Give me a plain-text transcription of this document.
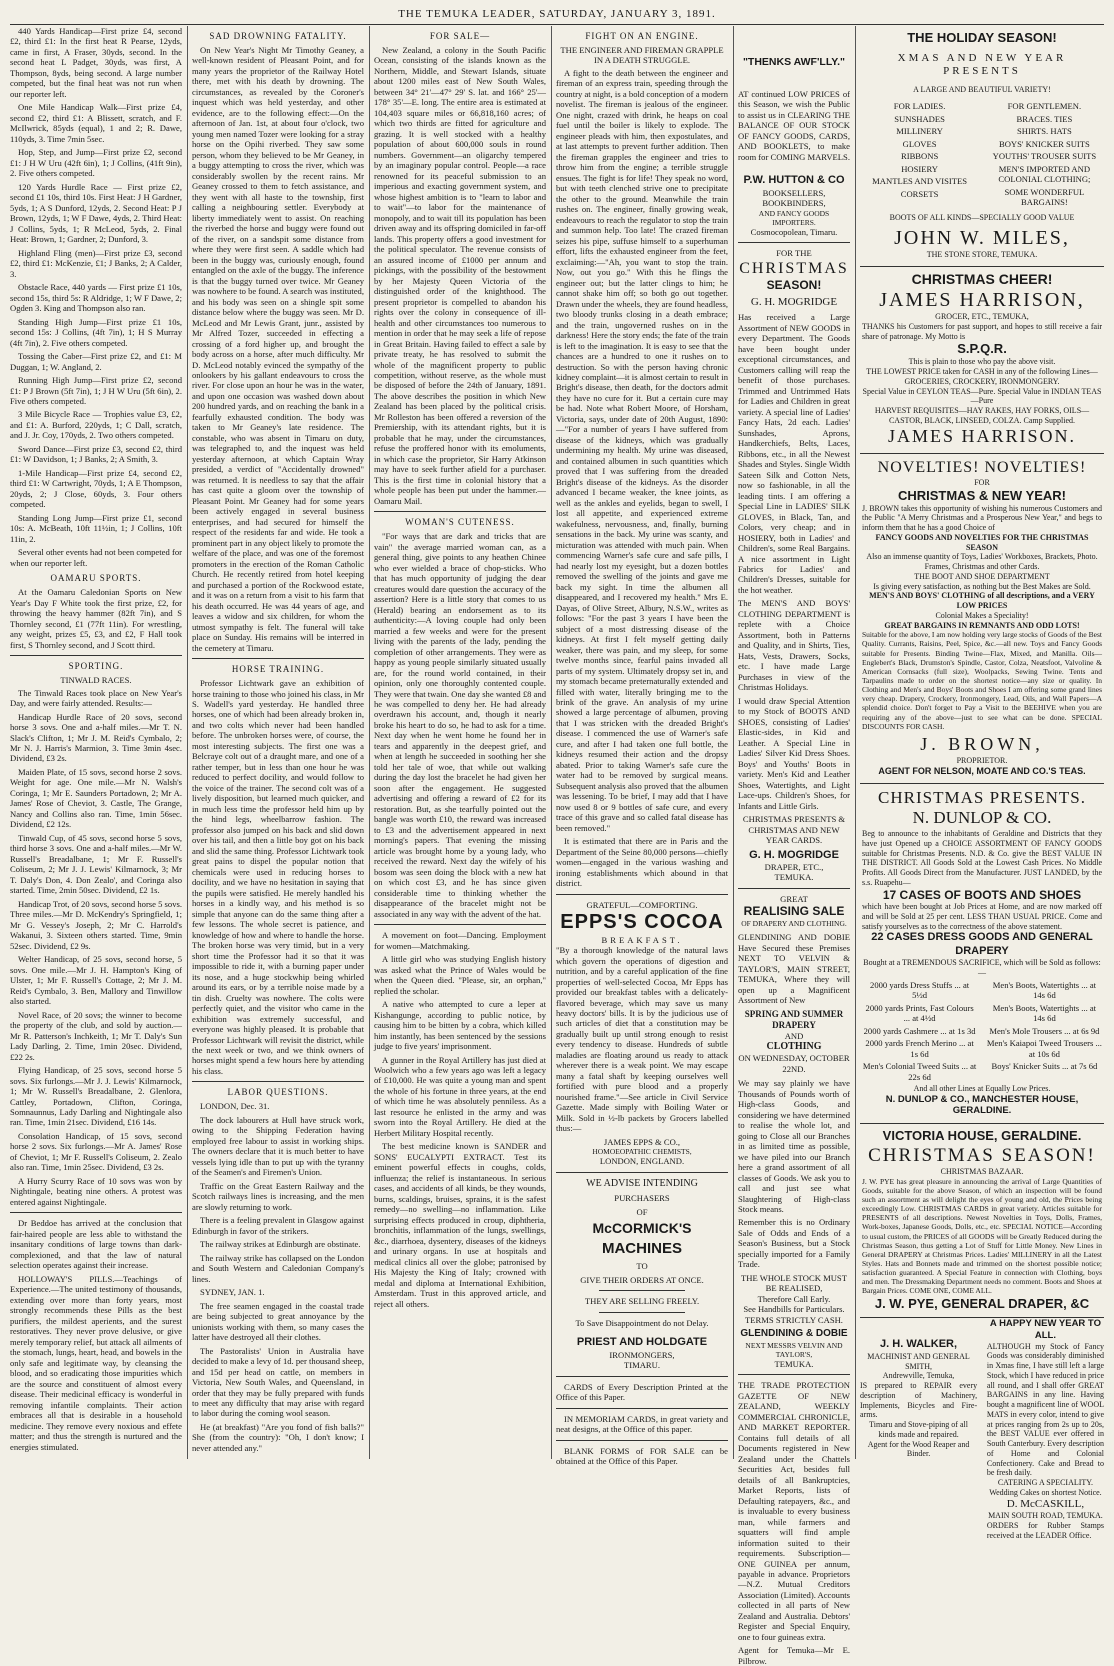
THE TEMUKA LEADER, SATURDAY, JANUARY 3, 1891.

440 Yards Handicap—First prize £4, second £2, third £1: In the first heat R Pearse, 12yds, came in first, A Fraser, 30yds, second. In the second heat L Padget, 30yds, was first, A Thompson, 8yds, being second. A large number competed, but the final heat was not run when our reporter left.

One Mile Handicap Walk—First prize £4, second £2, third £1: A Blissett, scratch, and F. McIlwrick, 85yds (equal), 1 and 2; R. Dawe, 110yds, 3. Time 7min 5sec.

Hop, Step, and Jump—First prize £2, second £1: J H W Uru (42ft 6in), 1; J Collins, (41ft 9in), 2. Five others competed.

120 Yards Hurdle Race — First prize £2, second £1 10s, third 10s. First Heat: J H Gardner, 5yds, 1; A S Dunford, 12yds, 2. Second Heat: P J Brown, 12yds, 1; W F Dawe, 4yds, 2. Third Heat: J Collins, 5yds, 1; R McLeod, 5yds, 2. Final Heat: Brown, 1; Gardner, 2; Dunford, 3.

Highland Fling (men)—First prize £3, second £2, third £1: McKenzie, £1; J Banks, 2; A Calder, 3.

Obstacle Race, 440 yards — First prize £1 10s, second 15s, third 5s: R Aldridge, 1; W F Dawe, 2; Ogden 3. King and Thompson also ran.

Standing High Jump—First prize £1 10s, second 15s: J Collins, (4ft 7in), 1; H S Murray (4ft 7in), 2. Five others competed.

Tossing the Caber—First prize £2, and £1: M Duggan, 1; W. Angland, 2.

Running High Jump—First prize £2, second £1: P J Brown (5ft 7in), 1; J H W Uru (5ft 6in), 2. Five others competed.

3 Mile Bicycle Race — Trophies value £3, £2, and £1: A. Burford, 220yds, 1; C Dall, scratch, and J. Jr. Coy, 170yds, 2. Two others competed.

Sword Dance—First prize £3, second £2, third £1: W Davidson, 1; J Banks, 2; A Smith, 3.

1-Mile Handicap—First prize £4, second £2, third £1: W Cartwright, 70yds, 1; A E Thompson, 20yds, 2; J Close, 60yds, 3. Four others competed.

Standing Long Jump—First prize £1, second 10s: A. McBeath, 10ft 11½in, 1; J Collins, 10ft 11in, 2.

Several other events had not been competed for when our reporter left.

OAMARU SPORTS.

At the Oamaru Caledonian Sports on New Year's Day F White took the first prize, £2, for throwing the heavy hammer (82ft 7in), and S Thornley second, £1 (77ft 11in). For wrestling, any weight, prizes £5, £3, and £2, F Hall took first, S Thornley second, and J Scott third.

SPORTING.
TINWALD RACES.

The Tinwald Races took place on New Year's Day, and were fairly attended. Results:—

Handicap Hurdle Race of 20 sovs, second horse 3 sovs. One and a-half miles.—Mr T. N. Slack's Clifton, 1; Mr J. M. Reid's Cymbalo, 2; Mr N. J. Harris's Marmion, 3. Time 3min 4sec. Dividend, £3 2s.

Maiden Plate, of 15 sovs, second horse 2 sovs. Weight for age. One mile.—Mr N. Walsh's Coringa, 1; Mr E. Saunders Portadown, 2; Mr A. James' Rose of Cheviot, 3. Castle, The Grange, Nancy and Collins also ran. Time, 1min 56sec. Dividend, £2 12s.

Tinwald Cup, of 45 sovs, second horse 5 sovs, third horse 3 sovs. One and a-half miles.—Mr W. Russell's Breadalbane, 1; Mr F. Russell's Coliseum, 2; Mr J. J. Lewis' Kilmarnock, 3; Mr T. Daly's Don, 4. Don Zealo', and Coringa also started. Time, 2min 50sec. Dividend, £2 1s.

Handicap Trot, of 20 sovs, second horse 5 sovs. Three miles.—Mr D. McKendry's Springfield, 1; Mr G. Vessey's Joseph, 2; Mr C. Harrold's Wakanui, 3. Sixteen others started. Time, 9min 52sec. Dividend, £2 9s.

Welter Handicap, of 25 sovs, second horse, 5 sovs. One mile.—Mr J. H. Hampton's King of Ulster, 1; Mr F. Russell's Cottage, 2; Mr J. M. Reid's Cymbalo, 3. Ben, Mallory and Tinwillow also started.

Novel Race, of 20 sovs; the winner to become the property of the club, and sold by auction.—Mr R. Patterson's Inchkeith, 1; Mr T. Daly's Sun Lady Darling, 2. Time, 1min 20sec. Dividend, £22 2s.

Flying Handicap, of 25 sovs, second horse 5 sovs. Six furlongs.—Mr J. J. Lewis' Kilmarnock, 1; Mr W. Russell's Breadalbane, 2. Glenlora, Cattley, Portadown, Clifton, Coringa, Somnaunnus, Lady Darling and Nightingale also ran. Time, 1min 21sec. Dividend, £16 14s.

Consolation Handicap, of 15 sovs, second horse 2 sovs. Six furlongs.—Mr A. James' Rose of Cheviot, 1; Mr F. Russell's Coliseum, 2. Zealo also ran. Time, 1min 25sec. Dividend, £3 2s.

A Hurry Scurry Race of 10 sovs was won by Nightingale, beating nine others. A protest was entered against Nightingale.

Dr Beddoe has arrived at the conclusion that fair-haired people are less able to withstand the insanitary conditions of large towns than dark-complexioned, and that the law of natural selection operates against their increase.

HOLLOWAY'S PILLS.—Teachings of Experience.—The united testimony of thousands, extending over more than forty years, most strongly recommends these Pills as the best purifiers, the mildest aperients, and the surest restoratives. They never prove delusive, or give merely temporary relief, but attack all ailments of the stomach, lungs, heart, head, and bowels in the only safe and legitimate way, by cleansing the blood, and so eradicating those impurities which are the source and constituent of almost every disease. Their medicinal efficacy is wonderful in removing infantile complaints. Their action embraces all that is desirable in a household medicine. They remove every noxious and effete matter; and thus the strength is nurtured and the energies stimulated.

SAD DROWNING FATALITY.

On New Year's Night Mr Timothy Geaney, a well-known resident of Pleasant Point, and for many years the proprietor of the Railway Hotel there, met with his death by drowning. The circumstances, as revealed by the Coroner's inquest which was held yesterday, and other evidence, are to the following effect:—On the afternoon of Jan. 1st, at about four o'clock, two young men named Tozer were looking for a stray horse on the Opihi riverbed. They saw some person, whom they believed to be Mr Geaney, in a buggy attempting to cross the river, which was considerably swollen by the recent rains. Mr Geaney crossed to them to fetch assistance, and they went with all haste to the township, first calling a neighbouring settler. Everybody at liberty immediately went to assist. On reaching the riverbed the horse and buggy were found out of the river, on a sandspit some distance from where they were first seen. A saddle which had been in the buggy was, curiously enough, found entangled on the axle of the buggy. The inference is that the buggy turned over twice. Mr Geaney was nowhere to be found. A search was instituted, and his body was seen on a shingle spit some distance below where the buggy was seen. Mr D. McLeod and Mr Lewis Grant, junr., assisted by Mr Alfred Tozer, succeeded in effecting a crossing of a ford higher up, and brought the body across on a horse, after much difficulty. Mr D. McLeod notably evinced the sympathy of the onlookers by his gallant endeavours to cross the river. For close upon an hour he was in the water, and upon one occasion was washed down about 200 hundred yards, and on reaching the bank in a fearfully exhausted condition. The body was taken to Mr Geaney's late residence. The constable, who was absent in Timaru on duty, was telegraphed to, and the inquest was held yesterday afternoon, at which Captain Wray presided, a verdict of "Accidentally drowned" was returned. It is needless to say that the affair has cast quite a gloom over the township of Pleasant Point. Mr Geaney had for some years been actively engaged in several business enterprises, and had secured for himself the respect of the residents far and wide. He took a prominent part in any object likely to promote the welfare of the place, and was one of the foremost promoters in the erection of the Roman Catholic Church. He recently retired from hotel keeping and purchased a portion of the Rockwood estate, and it was on a return from a visit to his farm that his death occurred. He was 44 years of age, and leaves a widow and six children, for whom the utmost sympathy is felt. The funeral will take place on Sunday. His remains will be interred in the cemetery at Timaru.

HORSE TRAINING.

Professor Lichtwark gave an exhibition of horse training to those who joined his class, in Mr S. Wadell's yard yesterday. He handled three horses, one of which had been already broken in, and two colts which never had been handled before. The unbroken horses were, of course, the most interesting subjects. The first one was a Belcraye colt out of a draught mare, and one of a rather temper, but in less than one hour he was reduced to perfect docility, and would follow to the voice of the trainer. The second colt was of a lively disposition, but learned much quicker, and in much less time the professor held him up by the hind legs, wheelbarrow fashion. The professor also jumped on his back and slid down over his tail, and then a little boy got on his back and slid the same thing. Professor Lichtwark took great pains to dispel the popular notion that chemicals were used in reducing horses to docility, and we have no hesitation in saying that the pupils were satisfied. He merely handled his horses in a kindly way, and his method is so simple that anyone can do the same thing after a few lessons. The whole secret is patience, and knowledge of how and where to handle the horse. The broken horse was very timid, but in a very short time the Professor had it so that it was impossible to ride it, with a burning paper under its nose, and a huge stockwhip being whirled around its ears, or by a terrible noise made by a tin dish. Cruelty was nowhere. The colts were perfectly quiet, and the visitor who came in the exhibition was extremely successful, and everyone was highly pleased. It is probable that Professor Lichtwark will revisit the district, while the next week or two, and we think owners of horses might spend a few hours here by attending his class.

LABOR QUESTIONS.

LONDON, Dec. 31.

The dock labourers at Hull have struck work, owing to the Shipping Federation having employed free labour to assist in working ships. The owners declare that it is much better to have vessels lying idle than to put up with the tyranny of the Seamen's and Firemen's Union.

Traffic on the Great Eastern Railway and the Scotch railways lines is increasing, and the men are slowly returning to work.

There is a feeling prevalent in Glasgow against Edinburgh in favor of the strikers.

The railway strikes at Edinburgh are obstinate.

The railway strike has collapsed on the London and South Western and Caledonian Company's lines.

SYDNEY, JAN. 1.

The free seamen engaged in the coastal trade are being subjected to great annoyance by the unionists working with them, so many cases the latter have destroyed all their clothes.

The Pastoralists' Union in Australia have decided to make a levy of 1d. per thousand sheep, and 15d per head on cattle, on members in Victoria, New South Wales, and Queensland, in order that they may be fully prepared with funds to meet any difficulty that may arise with regard to labor during the coming wool season.

He (at breakfast) "Are you fond of fish balls?" She (from the country): "Oh, I don't know; I never attended any."

FOR SALE—

New Zealand, a colony in the South Pacific Ocean, consisting of the islands known as the Northern, Middle, and Stewart Islands, situate about 1200 miles east of New South Wales, between 34° 21'—47° 29' S. lat. and 166° 25'—178° 35'—E. long. The entire area is estimated at 104,403 square miles or 66,818,160 acres; of which two thirds are fitted for agriculture and grazing. It is well stocked with a healthy population of about 600,000 souls in round numbers. Government—an oligarchy tempered by an imaginary popular control. People—a race renowned for its peaceful submission to an imperious and exacting government system, and whose highest ambition is to "learn to labor and to wait"—to labor for the maintenance of monopoly, and to wait till its population has been driven away and its offspring domiciled in far-off lands. This property offers a good investment for the political speculator. The revenue consists of an assured income of £1000 per annum and pickings, with the possibility of the bestowment by her Majesty Queen Victoria of the distinguished order of the knighthood. The present proprietor is compelled to abandon his rights over the colony in consequence of ill-health and other circumstances too numerous to mention in order that he may seek a life of repose in Great Britain. Having failed to effect a sale by private treaty, he has resolved to submit the whole of the magnificent property to public competition, without reserve, as the whole must be disposed of before the 24th of January, 1891. The above describes the position in which New Zealand has been placed by the political crisis. Mr Rolleston has been offered a reversion of the Premiership, with its attendant rights, but it is probable that he may, under the circumstances, refuse the proffered honor with its emoluments, in which case the proprietor, Sir Harry Atkinson may have to seek further afield for a purchaser. This is the first time in colonial history that a whole people has been put under the hammer.—Oamaru Mail.

WOMAN'S CUTENESS.

"For ways that are dark and tricks that are vain" the average married woman can, as a general thing, give points to any heathen Chinee who ever wielded a brace of chop-sticks. Who that has much opportunity of judging the dear creatures would dare question the accuracy of the assertion? Here is a little story that comes to us (Herald) bearing an endorsement as to its authenticity:—A loving couple had only been married a few weeks and were for the present living with the parents of the lady, pending the completion of other arrangements. They were as happy as young people similarly situated usually are, for the round world contained, in their opinion, only one thoroughly contented couple. They were that twain. One day she wanted £8 and he was compelled to deny her. He had already overdrawn his account, and, though it nearly broke his heart to do so, he had to ask for a time. Next day when he went home he found her in tears and apparently in the deepest grief, and when at length he succeeded in soothing her she told her tale of woe, that while out walking during the day lost the bracelet he had given her soon after the engagement. He suggested advertising and offering a reward of £2 for its restoration. But, as she tearfully pointed out the bangle was worth £10, the reward was increased to £3 and the advertisement appeared in next morning's papers. That evening the missing article was brought home by a young lady, who received the reward. Next day the wifely of his bosom was seen doing the block with a new hat on which cost £3, and he has since given considerable time to thinking whether the disappearance of the bracelet might not be associated in any way with the advent of the hat.

A movement on foot—Dancing. Employment for women—Matchmaking.

A little girl who was studying English history was asked what the Prince of Wales would be when the Queen died. "Please, sir, an orphan," replied the scholar.

A native who attempted to cure a leper at Kishangunge, according to public notice, by causing him to be bitten by a cobra, which killed him instantly, has been sentenced by the sessions judge to five years' imprisonment.

A gunner in the Royal Artillery has just died at Woolwich who a few years ago was left a legacy of £10,000. He was quite a young man and spent the whole of his fortune in three years, at the end of which time he was absolutely penniless. As a last resource he enlisted in the army and was sworn into the Royal Artillery. He died at the Herbert Military Hospital recently.

The best medicine known is SANDER and SONS' EUCALYPTI EXTRACT. Test its eminent powerful effects in coughs, colds, influenza; the relief is instantaneous. In serious cases, and accidents of all kinds, be they wounds, burns, scaldings, bruises, sprains, it is the safest remedy—no swelling—no inflammation. Like surprising effects produced in croup, diphtheria, bronchitis, inflammation of the lungs, swellings, &c., diarrhoea, dysentery, diseases of the kidneys and urinary organs. In use at hospitals and medical clinics all over the globe; patronised by His Majesty the King of Italy; crowned with medal and diploma at International Exhibition, Amsterdam. Trust in this approved article, and reject all others.

FIGHT ON AN ENGINE.
THE ENGINEER AND FIREMAN GRAPPLE IN A DEATH STRUGGLE.

A fight to the death between the engineer and fireman of an express train, speeding through the country at night, is a bold conception of a modern novelist. The fireman is jealous of the engineer. One night, crazed with drink, he heaps on coal fuel until the boiler is likely to explode. The engineer pleads with him, then expostulates, and at last attempts to prevent further addition. Then the fireman grapples the engineer and tries to throw him from the engine; a terrible struggle ensues. The fight is for life! They speak no word, but with teeth clenched strive one to precipitate the other to the ground. Meanwhile the train rushes on. The engineer, finally growing weak, endeavours to reach the regulator to stop the train and summon help. Too late! The crazed fireman seizes his pipe, suffuse himself to a superhuman effort, lifts the exhausted engineer from the feet, exclaiming:—"Ah, you want to stop the train. Now, out you go." With this he flings the engineer out; but the latter clings to him; he cannot shake him off; so both go out together. Drawn under the wheels, they are found headless, two bloody trunks closing in a death embrace; and the train, ungoverned rushes on in the darkness! Here the story ends; the fate of the train is left to the imagination. It is easy to see that the chances are a hundred to one it rushes on to destruction. So with the person having chronic kidney complaint—it is almost certain to result in Bright's disease, then death, for the doctors admit they have no cure for it. But a certain cure may be had. Note what Robert Moore, of Horsham, Victoria, says, under date of 20th August, 1890:—"For a number of years I have suffered from disease of the kidneys, which was gradually undermining my health. My urine was diseased, and contained albumen in such quantities which proved that I was suffering from the dreaded Bright's disease of the kidneys. As the disorder advanced I became weaker, the knee joints, as well as the ankles and eyelids, began to swell, I lost all appetite, and experienced extreme wakefulness, nervousness, and, finally, burning sensations in the back. My urine was scanty, and micturation was attended with much pain. When commencing Warner's safe cure and safe pills, I had nearly lost my eyesight, but a dozen bottles removed the swelling of the joints and gave me back my sight. In time the albumen all disappeared, and I recovered my health." Mrs E. Dayas, of Olive Street, Albury, N.S.W., writes as follows: "For the past 3 years I have been the subject of a most distressing disease of the kidneys. At first I felt myself getting daily weaker, there was pain, and my sleep, for some twelve months since, fearful pains invaded all parts of my system. Ultimately dropsy set in, and my stomach became preternaturally extended and filled with water, literally bringing me to the brink of the grave. An analysis of my urine showed a large percentage of albumen, proving that I was stricken with the dreaded Bright's disease. I commenced the use of Warner's safe cure, and after I had taken one full bottle, the kidneys resumed their action and the dropsy abated. Prior to taking Warner's safe cure the water had to be removed by surgical means. Subsequent analysis also proved that the albumen was lessening. To be brief, I may add that I have now used 8 or 9 bottles of safe cure, and every trace of this grave and so called fatal disease has been removed."

It is estimated that there are in Paris and the Department of the Seine 80,000 persons—chiefly women—engaged in the various washing and ironing establishments which abound in that district.

GRATEFUL—COMFORTING.
EPPS'S COCOA
BREAKFAST.

"By a thorough knowledge of the natural laws which govern the operations of digestion and nutrition, and by a careful application of the fine properties of well-selected Cocoa, Mr Epps has provided our breakfast tables with a delicately-flavored beverage, which may save us many heavy doctors' bills. It is by the judicious use of such articles of diet that a constitution may be gradually built up until strong enough to resist every tendency to disease. Hundreds of subtle maladies are floating around us ready to attack wherever there is a weak point. We may escape many a fatal shaft by keeping ourselves well fortified with pure blood and a properly nourished frame."—See article in Civil Service Gazette. Made simply with Boiling Water or Milk. Sold in ½-lb packets by Grocers labelled thus:—

JAMES EPPS & CO.,
HOMOEOPATHIC CHEMISTS,
LONDON, ENGLAND.
WE ADVISE INTENDING
PURCHASERS
OF
McCORMICK'S
MACHINES
TO
GIVE THEIR ORDERS AT ONCE.
THEY ARE SELLING FREELY.
To Save Disappointment do not Delay.
PRIEST AND HOLDGATE
IRONMONGERS,
TIMARU.

CARDS of Every Description Printed at the Office of this Paper.

IN MEMORIAM CARDS, in great variety and neat designs, at the Office of this paper.

BLANK FORMS of FOR SALE can be obtained at the Office of this Paper.

"THENKS AWF'LLY."

AT continued LOW PRICES of this Season, we wish the Public to assist us in CLEARING THE BALANCE OF OUR STOCK OF FANCY GOODS, CARDS, AND BOOKLETS, to make room for COMING MARVELS.

P.W. HUTTON & CO
BOOKSELLERS, BOOKBINDERS,
AND FANCY GOODS IMPORTERS.
Cosmocopolean, Timaru.
FOR THE
CHRISTMAS
SEASON!
G. H. MOGRIDGE

Has received a Large Assortment of NEW GOODS in every Department. The Goods have been bought under exceptional circumstances, and Customers calling will reap the benefit of those purchases. Trimmed and Untrimmed Hats for Ladies and Children in great variety. A special line of Ladies' Fancy Hats, 2d each. Ladies' Sunshades, Aprons, Handkerchiefs, Belts, Laces, Ribbons, etc., in all the Newest Shades and Styles. Single Width Sateen Silk and Cotton Nets, now so fashionable, in all the leading tints. I am offering a Special Line in LADIES' SILK GLOVES, in Black, Tan, and Colors, very cheap; and in HOSIERY, both in Ladies' and Children's, some Real Bargains. A nice assortment in Light Fabrics for Ladies' and Children's Dresses, suitable for the hot weather.

The MEN'S AND BOYS' CLOTHING DEPARTMENT is replete with a Choice Assortment, both in Patterns and Quality, and in Shirts, Ties, Hats, Vests, Drawers, Socks, etc. I have made Large Purchases in view of the Christmas Holidays.

I would draw Special Attention to my Stock of BOOTS AND SHOES, consisting of Ladies' Elastic-sides, in Kid and Leather. A Special Line in Ladies' Silver Kid Dress Shoes. Boys' and Youths' Boots in variety. Men's Kid and Leather Shoes, Watertights, and Light Lace-ups. Children's Shoes, for Infants and Little Girls.

CHRISTMAS PRESENTS & CHRISTMAS AND NEW YEAR CARDS.
G. H. MOGRIDGE
DRAPER, ETC.,
TEMUKA.
GREAT
REALISING SALE
OF DRAPERY AND CLOTHING.

GLENDINING AND DOBIE Have Secured these Premises NEXT TO VELVIN & TAYLOR'S, MAIN STREET, TEMUKA, Where they will open up a Magnificent Assortment of New

SPRING AND SUMMER DRAPERY
AND
CLOTHING
ON WEDNESDAY, OCTOBER 22ND.

We may say plainly we have Thousands of Pounds worth of High-class Goods, and considering we have determined to realise the whole lot, and going to Close all our Branches in as limited time as possible, we have piled into our Branch here a grand assortment of all classes of Goods. We ask you to call and just see what Slaughtering of High-class Stock means.

Remember this is no Ordinary Sale of Odds and Ends of a Season's Business, but a Stock specially imported for a Family Trade.

THE WHOLE STOCK MUST BE REALISED,
Therefore Call Early.
See Handbills for Particulars.
TERMS STRICTLY CASH.
GLENDINING & DOBIE
NEXT MESSRS VELVIN AND TAYLOR'S,
TEMUKA.

THE TRADE PROTECTION GAZETTE OF NEW ZEALAND, WEEKLY COMMERCIAL CHRONICLE, AND MARKET REPORTER. Contains full details of all Documents registered in New Zealand under the Chattels Securities Act, besides full details of all Bankruptcies, Market Reports, lists of Defaulting ratepayers, &c., and is invaluable to every business man, while farmers and squatters will find ample information suited to their requirements. Subscription—ONE GUINEA per annum, payable in advance. Proprietors—N.Z. Mutual Creditors Association (Limited). Accounts collected in all parts of New Zealand and Australia. Debtors' Register and Special Enquiry, one to four guineas extra.

Agent for Temuka—Mr E. Pilbrow.
THE HOLIDAY SEASON!
XMAS AND NEW YEAR PRESENTS
A LARGE AND BEAUTIFUL VARIETY!
FOR LADIES.
SUNSHADES
MILLINERY
GLOVES
RIBBONS
HOSIERY
MANTLES AND VISITES
CORSETS
FOR GENTLEMEN.
BRACES. TIES
SHIRTS. HATS
BOYS' KNICKER SUITS
YOUTHS' TROUSER SUITS
MEN'S IMPORTED AND COLONIAL CLOTHING;
SOME WONDERFUL BARGAINS!
BOOTS OF ALL KINDS—SPECIALLY GOOD VALUE
JOHN W. MILES,
THE STONE STORE, TEMUKA.
CHRISTMAS CHEER!
JAMES HARRISON,
GROCER, ETC., TEMUKA,
THANKS his Customers for past support, and hopes to still receive a fair share of patronage. My Motto is
S.P.Q.R.
This is plain to those who pay the above visit.
THE LOWEST PRICE taken for CASH in any of the following Lines—GROCERIES, CROCKERY, IRONMONGERY.
Special Value in CEYLON TEAS—Pure. Special Value in INDIAN TEAS—Pure
HARVEST REQUISITES—HAY RAKES, HAY FORKS, OILS—CASTOR, BLACK, LINSEED, COLZA. Camp Supplied.
JAMES HARRISON.
NOVELTIES! NOVELTIES!
FOR
CHRISTMAS & NEW YEAR!
J. BROWN takes this opportunity of wishing his numerous Customers and the Public "A Merry Christmas and a Prosperous New Year," and begs to inform them that he has a good Choice of
FANCY GOODS AND NOVELTIES FOR THE CHRISTMAS SEASON
Also an immense quantity of Toys, Ladies' Workboxes, Brackets, Photo. Frames, Christmas and other Cards.
THE BOOT AND SHOE DEPARTMENT
Is giving every satisfaction, as nothing but the Best Makes are Sold.
MEN'S AND BOYS' CLOTHING of all descriptions, and a VERY LOW PRICES
Colonial Makes a Speciality!
GREAT BARGAINS IN REMNANTS AND ODD LOTS!
Suitable for the above, I am now holding very large stocks of Goods of the Best Quality. Currants, Raisins, Peel, Spice, &c.—all new. Toys and Fancy Goods suitable for Presents. Binding Twine—Flax, Mixed, and Manilla. Oils—Englebert's Black, Drumston's Spindle, Castor, Colza, Neatsfoot, Valvoline & American Cornsacks (full size), Woolpacks, Sewing Twine. Tents and Tarpaulins made to order on the shortest notice—any size or quality. In Clothing and Men's and Boys' Boots and Shoes I am offering some grand lines very cheap. Drapery, Crockery, Ironmongery, Lead, Oils, and Wall Papers—A splendid choice. Don't forget to Pay a Visit to the BEEHIVE when you are requiring any of the above—just to see what can be done. SPECIAL DISCOUNTS FOR CASH.
J. BROWN,
PROPRIETOR.
AGENT FOR NELSON, MOATE AND CO.'S TEAS.
CHRISTMAS PRESENTS.
N. DUNLOP & CO.
Beg to announce to the inhabitants of Geraldine and Districts that they have just Opened up a CHOICE ASSORTMENT OF FANCY GOODS suitable for Christmas Presents. N.D. & Co. give the BEST VALUE IN THE DISTRICT. All Goods Sold at the Lowest Cash Prices. No Middle Profits. All Goods Direct from the Manufacturer. JUST LANDED, by the s.s. Ruapehu—
17 CASES OF BOOTS AND SHOES
which have been bought at Job Prices at Home, and are now marked off and will be Sold at 25 per cent. LESS THAN USUAL PRICE. Come and satisfy yourselves as to the correctness of the above statement.
22 CASES DRESS GOODS AND GENERAL DRAPERY
Bought at a TREMENDOUS SACRIFICE, which will be Sold as follows:—
2000 yards Dress Stuffs ... at 5½d
2000 yards Prints, Fast Colours ... at 4½d
2000 yards Cashmere ... at 1s 3d
2000 yards French Merino ... at 1s 6d
Men's Colonial Tweed Suits ... at 22s 6d
Men's Boots, Watertights ... at 14s 6d
Men's Boots, Watertights ... at 14s 6d
Men's Mole Trousers ... at 6s 9d
Men's Kaiapoi Tweed Trousers ... at 10s 6d
Boys' Knicker Suits ... at 7s 6d
And all other Lines at Equally Low Prices.
N. DUNLOP & CO., MANCHESTER HOUSE, GERALDINE.
VICTORIA HOUSE, GERALDINE.
CHRISTMAS SEASON!
CHRISTMAS BAZAAR.
J. W. PYE has great pleasure in announcing the arrival of Large Quantities of Goods, suitable for the above Season, of which an inspection will be found such an assortment as will delight the eyes of young and old, the Prices being exceedingly Low. CHRISTMAS CARDS in great variety. Articles suitable for PRESENTS of all descriptions. Newest Novelties in Toys, Dolls, Frames, Work-boxes, Japanese Goods, Dolls, etc., etc. SPECIAL NOTICE—According to usual custom, the PRICES of all GOODS will be Greatly Reduced during the Christmas Season, thus getting a Lot of Stuff for Little Money. New Lines in General DRAPERY at Christmas Prices. Ladies' MILLINERY in all the Latest Styles. Hats and Bonnets made and trimmed on the shortest possible notice; satisfaction guaranteed. A Special Feature in connection with Clothing, boys and men. The Dressmaking Department needs no comment. Boots and Shoes at Bargain Prices. COME ONE, COME ALL.
J. W. PYE, GENERAL DRAPER, &C
J. H. WALKER,
MACHINIST AND GENERAL SMITH,
Andrewville, Temuka,
IS prepared to REPAIR every description of Machinery, Implements, Bicycles and Fire-arms.
Timaru and Stove-piping of all kinds made and repaired.
Agent for the Wood Reaper and Binder.
A HAPPY NEW YEAR TO ALL.
ALTHOUGH my Stock of Fancy Goods was considerably diminished in Xmas fine, I have still left a large Stock, which I have reduced in price all round, and I shall offer GREAT BARGAINS in any line. Having bought a magnificent line of WOOL MATS in every color, intend to give at prices ranging from 2s up to 20s, the BEST VALUE ever offered in South Canterbury. Every description of Home and Colonial Confectionery. Cake and Bread to be fresh daily.
CATERING A SPECIALITY.
Wedding Cakes on shortest Notice.
D. McCASKILL,
MAIN SOUTH ROAD, TEMUKA.
ORDERS for Rubber Stamps received at the LEADER Office.
